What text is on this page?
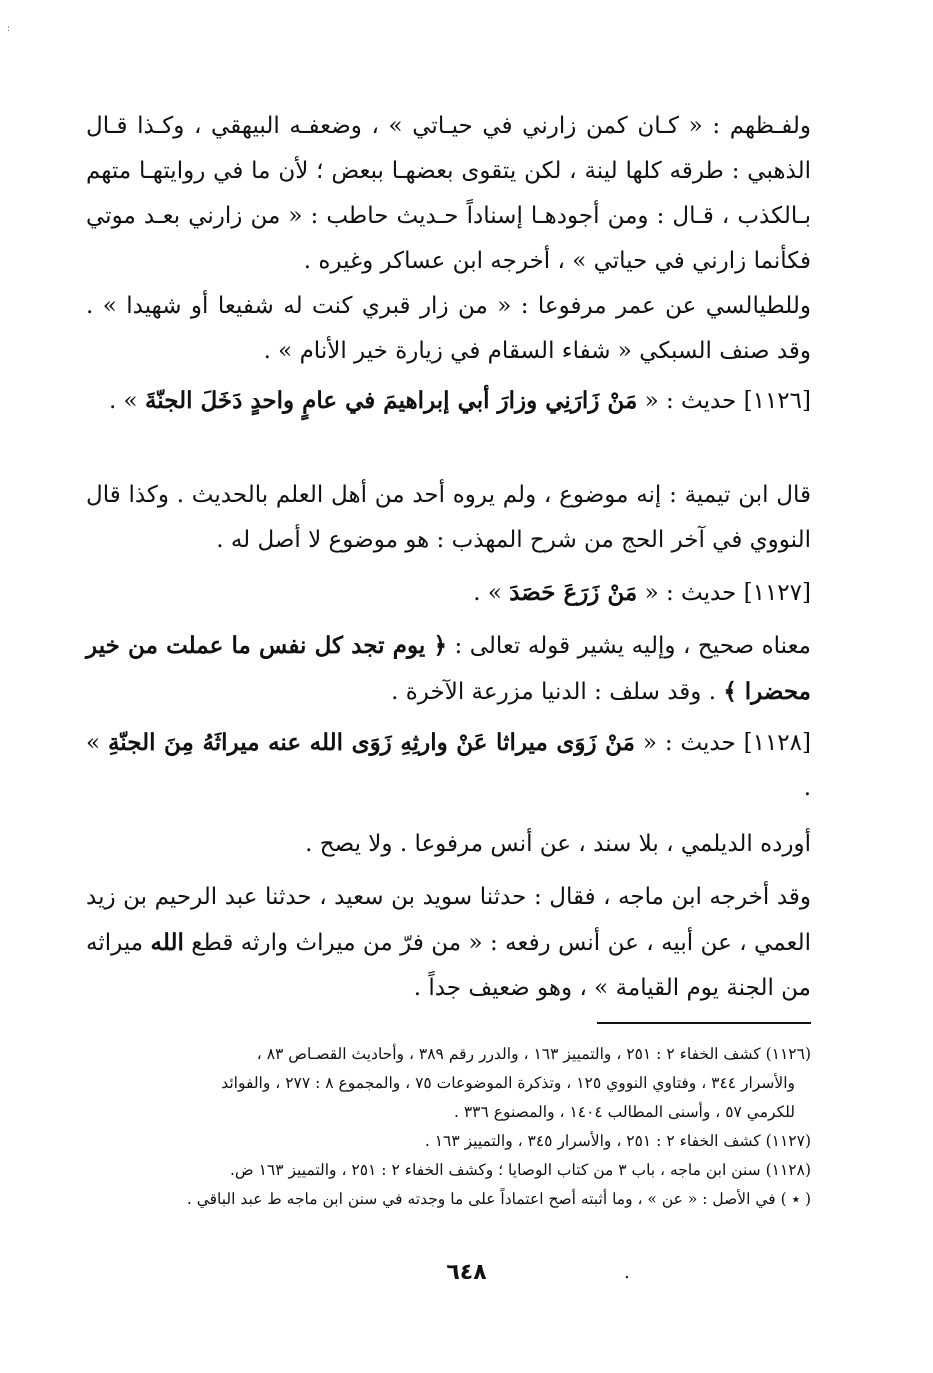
:

ولفـظهم : « كـان كمن زارني في حيـاتي » ، وضعفـه البيهقي ، وكـذا قـال الذهبي : طرقه كلها لينة ، لكن يتقوى بعضهـا ببعض ؛ لأن ما في روايتهـا متهم بـالكذب ، قـال : ومن أجودهـا إسناداً حـديث حاطب : « من زارني بعـد موتي فكأنما زارني في حياتي » ، أخرجه ابن عساكر وغيره .

وللطيالسي عن عمر مرفوعا : « من زار قبري كنت له شفيعا أو شهيدا » . وقد صنف السبكي « شفاء السقام في زيارة خير الأنام » .

[١١٢٦] حديث : « مَنْ زَارَنِي وزارَ أبي إبراهيمَ في عامٍ واحدٍ دَخَلَ الجنّةَ » .

قال ابن تيمية : إنه موضوع ، ولم يروه أحد من أهل العلم بالحديث . وكذا قال النووي في آخر الحج من شرح المهذب : هو موضوع لا أصل له .

[١١٢٧] حديث : « مَنْ زَرَعَ حَصَدَ » .

معناه صحيح ، وإليه يشير قوله تعالى : ﴿ يوم تجد كل نفس ما عملت من خير محضرا ﴾ . وقد سلف : الدنيا مزرعة الآخرة .

[١١٢٨] حديث : « مَنْ زَوَى ميراثا عَنْ وارثِهِ زَوَى الله عنه ميراثَهُ مِنَ الجنّةِ » .

أورده الديلمي ، بلا سند ، عن أنس مرفوعا . ولا يصح .

وقد أخرجه ابن ماجه ، فقال : حدثنا سويد بن سعيد ، حدثنا عبد الرحيم بن زيد العمي ، عن أبيه ، عن أنس رفعه : « من فرّ من ميراث وارثه قطع الله ميراثه من الجنة يوم القيامة » ، وهو ضعيف جداً .

(١١٢٦) كشف الخفاء ٢ : ٢٥١ ، والتمييز ١٦٣ ، والدرر رقم ٣٨٩ ، وأحاديث القصـاص ٨٣ ،
والأسرار ٣٤٤ ، وفتاوي النووي ١٢٥ ، وتذكرة الموضوعات ٧٥ ، والمجموع ٨ : ٢٧٧ ، والفوائد
للكرمي ٥٧ ، وأسنى المطالب ١٤٠٤ ، والمصنوع ٣٣٦ .

(١١٢٧) كشف الخفاء ٢ : ٢٥١ ، والأسرار ٣٤٥ ، والتمييز ١٦٣ .

(١١٢٨) سنن ابن ماجه ، باب ٣ من كتاب الوصايا ؛ وكشف الخفاء ٢ : ٢٥١ ، والتمييز ١٦٣ ض.

( ٭ ) في الأصل : « عن » ، وما أثبته أصح اعتماداً على ما وجدته في سنن ابن ماجه ط عبد الباقي .

٦٤٨	.
